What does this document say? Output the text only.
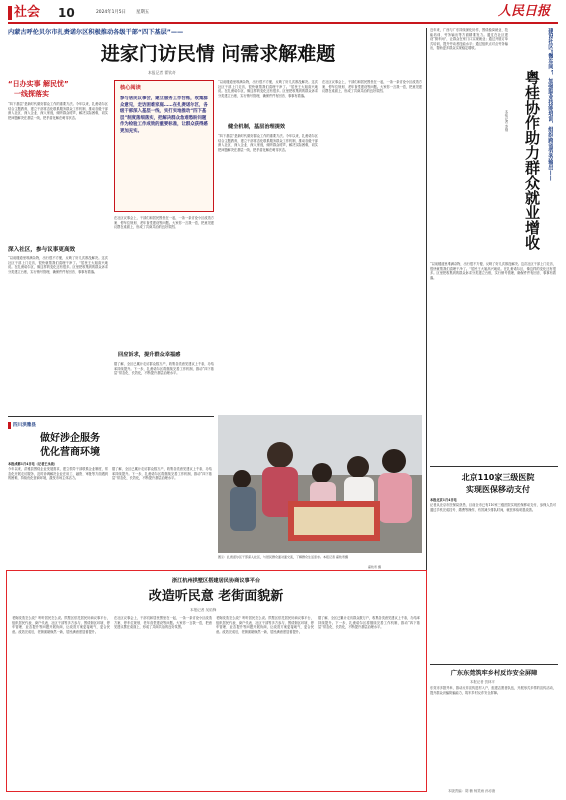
社会 10	2024年1月5日 星期五	人民日报
内蒙古呼伦贝尔市扎赉诺尔区积极推动各级干部“四下基层”——
进家门访民情 问需求解难题
本报记者 翟钦奇
“日办实事 解民忧”
一线探落实
“四下基层”是新时代做好群众工作的重要方法。今年以来，扎赉诺尔区结合主题教育，建立干部常态化联系服务群众工作机制，推动各级干部深入社区、深入企业、深入家庭，倾听群众呼声，解决实际困难，切实把问题解决在基层一线，把矛盾化解在萌芽状态。
深入社区，参与议事更高效
“以前楼道里堆满杂物，出行很不方便，反映了好几次都没解决。这次社区干部上门走访，很快就帮我们清理干净了。”居民王大姐高兴地说。在扎赉诺尔区，像这样的变化还有很多。区里把收集到的群众诉求分类建立台账，实行销号管理，确保件件有回音、事事有着落。
核心阅读
参与居民议事会，建立服务工作台账，收集群众意见，走访困难家庭……在扎赉诺尔区，各级干部深入基层一线，实打实地推动“四下基层”制度落细落实，把解决群众急难愁盼问题作为检验工作成效的重要标准，让群众获得感更加充实。
在社区议事会上，干部们和居民围坐在一起，一条一条讨论小区改造方案、停车位规划、老年食堂建设等问题。大家你一言我一语，把意见建议摆在桌面上，形成了共商共治的良好氛围。
回应诉求，提升群众幸福感
据了解，全区已累计走访群众数万户，收集各类意见建议上千条，办结率持续提升。下一步，扎赉诺尔区将继续完善工作机制，推动“四下基层”常态化、长效化，不断提升基层治理水平。
“以前楼道里堆满杂物，出行很不方便，反映了好几次都没解决。这次社区干部上门走访，很快就帮我们清理干净了。”居民王大姐高兴地说。在扎赉诺尔区，像这样的变化还有很多。区里把收集到的群众诉求分类建立台账，实行销号管理，确保件件有回音、事事有着落。
健全机制，基层治理提效
“四下基层”是新时代做好群众工作的重要方法。今年以来，扎赉诺尔区结合主题教育，建立干部常态化联系服务群众工作机制，推动各级干部深入社区、深入企业、深入家庭，倾听群众呼声，解决实际困难，切实把问题解决在基层一线，把矛盾化解在萌芽状态。
在社区议事会上，干部们和居民围坐在一起，一条一条讨论小区改造方案、停车位规划、老年食堂建设等问题。大家你一言我一语，把意见建议摆在桌面上，形成了共商共治的良好氛围。
图①：扎赉诺尔区干部深入社区，与居民群众面对面交流，了解群众生活需求。本报记者 翟钦奇摄
翟钦奇 摄
四川洪雅县
做好涉企服务
优化营商环境
本报成都1月4日电（记者王永战）
今年以来，洪雅县围绕企业发展需求，建立领导干部联系企业制度，常态化开展走访服务，及时协调解决企业在用工、融资、审批等方面遇到的困难，持续优化营商环境，激发市场主体活力。
据了解，全区已累计走访群众数万户，收集各类意见建议上千条，办结率持续提升。下一步，扎赉诺尔区将继续完善工作机制，推动“四下基层”常态化、长效化，不断提升基层治理水平。
近年来，广西与广东持续深化协作，围绕稳岗就业、技能培训、劳务输出等方面精准发力。通过在社区建设“微车间”，让群众在家门口实现就业；通过开展订单式培训，提升劳动者技能水平；通过组织点对点劳务输出，帮助更多群众实现稳定增收。	建设社区“微车间”，加强职业技能培训，组织跨省劳务输出——
粤桂协作助力群众就业增收
本报记者 李刚
“以前楼道里堆满杂物，出行很不方便，反映了好几次都没解决。这次社区干部上门走访，很快就帮我们清理干净了。”居民王大姐高兴地说。在扎赉诺尔区，像这样的变化还有很多。区里把收集到的群众诉求分类建立台账，实行销号管理，确保件件有回音、事事有着落。
北京110家三级医院
实现医保移动支付
本报北京1月4日电
记者从北京市医保局获悉，目前全市已有110家三级医院实现医保移动支付，参保人员可通过手机完成挂号、缴费等操作，有效减少排队时间，就医体验明显改善。
广东东莞筑牢乡村反诈安全屏障
本报记者 贺林平
东莞市多措并举，推动反诈宣传进村入户，组建志愿者队伍，开展形式多样的宣传活动，提升群众识骗防骗能力，筑牢乡村反诈安全屏障。
浙江杭州拱墅区搭建居民协商议事平台
改造听民意 老街面貌新
本报记者 吴焰锋
老街改造怎么改？听听居民怎么说。拱墅区依托居民协商议事平台，组织居民代表、商户代表、社区干部等多方参与，围绕街区环境、停车管理、业态提升等问题开展协商，让改造方案更接地气、更合民意。改造完成后，老街面貌焕然一新，居民满意度显著提升。
在社区议事会上，干部们和居民围坐在一起，一条一条讨论小区改造方案、停车位规划、老年食堂建设等问题。大家你一言我一语，把意见建议摆在桌面上，形成了共商共治的良好氛围。
老街改造怎么改？听听居民怎么说。拱墅区依托居民协商议事平台，组织居民代表、商户代表、社区干部等多方参与，围绕街区环境、停车管理、业态提升等问题开展协商，让改造方案更接地气、更合民意。改造完成后，老街面貌焕然一新，居民满意度显著提升。
据了解，全区已累计走访群众数万户，收集各类意见建议上千条，办结率持续提升。下一步，扎赉诺尔区将继续完善工作机制，推动“四下基层”常态化、长效化，不断提升基层治理水平。
本版责编：胡 楠 杨笑雨 孙亦唐
